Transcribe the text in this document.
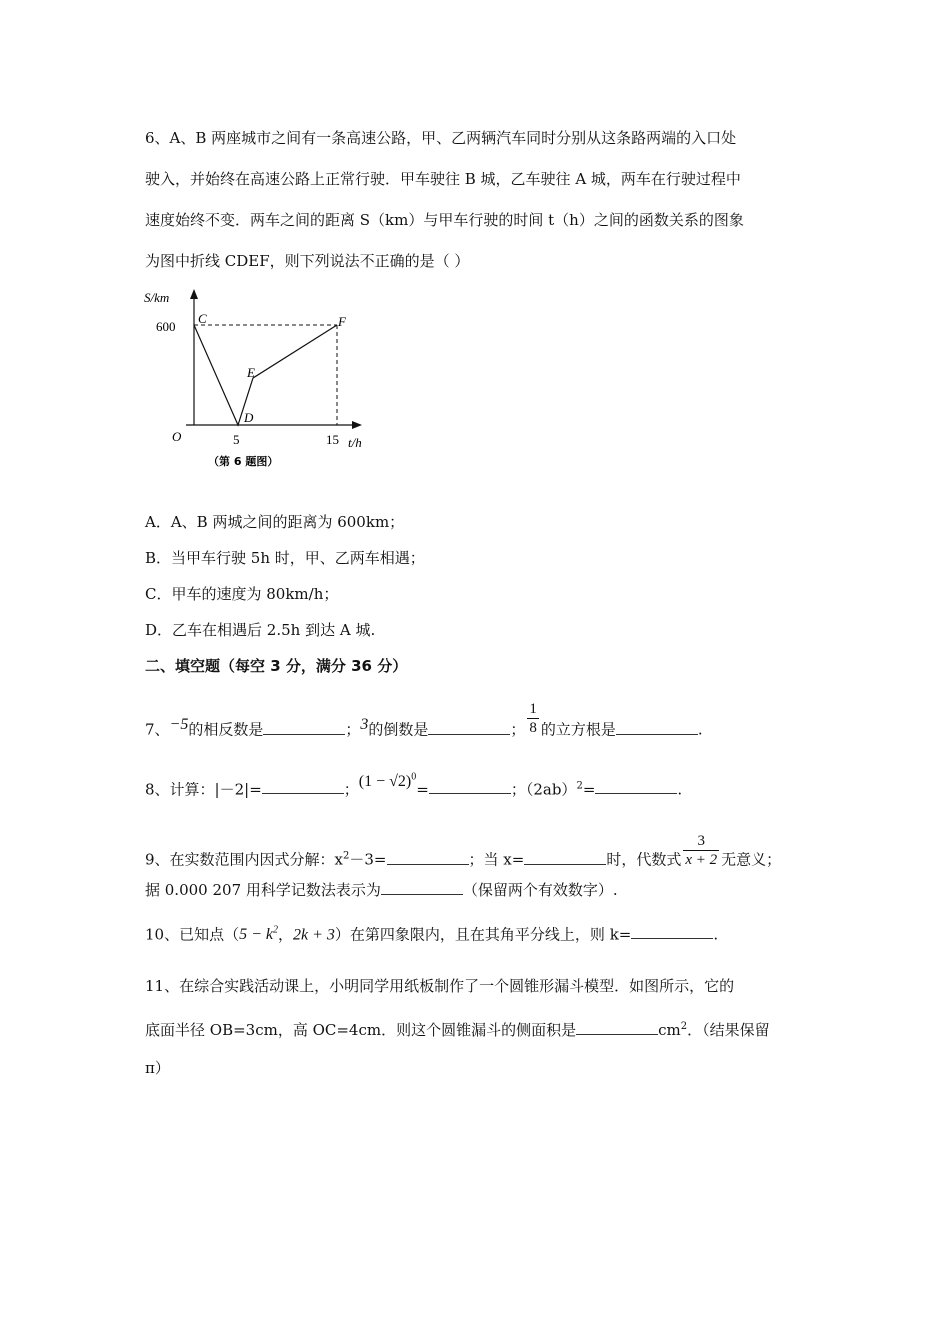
6、A、B 两座城市之间有一条高速公路，甲、乙两辆汽车同时分别从这条路两端的入口处
驶入，并始终在高速公路上正常行驶．甲车驶往 B 城，乙车驶往 A 城，两车在行驶过程中
速度始终不变．两车之间的距离 S（km）与甲车行驶的时间 t（h）之间的函数关系的图象
为图中折线 CDEF，则下列说法不正确的是（ ）
S/km
600
C
D
E
F
O	5	15 t/h
（第 6 题图）
A．A、B 两城之间的距离为 600km；
B．当甲车行驶 5h 时，甲、乙两车相遇；
C．甲车的速度为 80km/h；
D．乙车在相遇后 2.5h 到达 A 城.
二、填空题（每空 3 分，满分 36 分）
7、−5的相反数是	；3的倒数是	； $\frac{1}{8}$ 的立方根是	.
8、计算：|－2|=	；$(1 - √2)^0=$	；$(2ab)^2=$	.
9、在实数范围内因式分解：$x^2-3=$	；当 x=	时，代数式 $\frac{3}{x + 2}$ 无意义；
据 0.000 207 用科学记数法表示为	（保留两个有效数字）.
10、已知点（$5 - k^2$，2k + 3）在第四象限内，且在其角平分线上，则 k=	.
11、在综合实践活动课上，小明同学用纸板制作了一个圆锥形漏斗模型．如图所示，它的
底面半径 OB=3cm，高 OC=4cm．则这个圆锥漏斗的侧面积是	$cm^2$．（结果保留
π）
